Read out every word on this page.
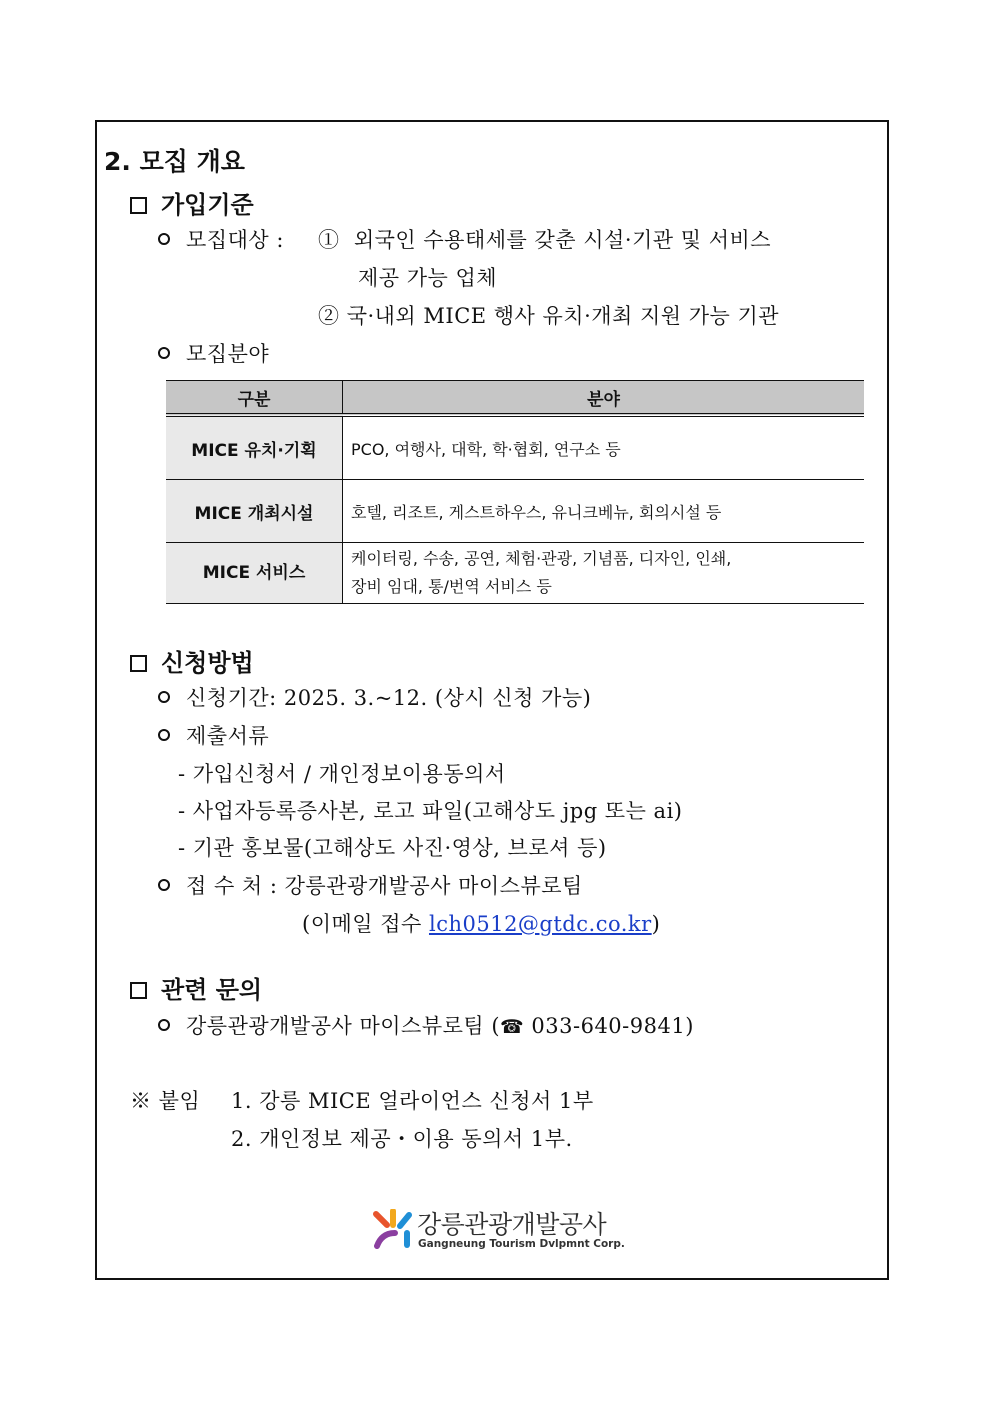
2. 모집 개요
가입기준
모집대상 : ① 외국인 수용태세를 갖춘 시설·기관 및 서비스
제공 가능 업체
② 국·내외 MICE 행사 유치·개최 지원 가능 기관
모집분야
구분	분야
MICE 유치·기획	PCO, 여행사, 대학, 학·협회, 연구소 등
MICE 개최시설	호텔, 리조트, 게스트하우스, 유니크베뉴, 회의시설 등
MICE 서비스	케이터링, 수송, 공연, 체험·관광, 기념품, 디자인, 인쇄,
장비 임대, 통/번역 서비스 등
신청방법
신청기간: 2025. 3.~12. (상시 신청 가능)
제출서류
- 가입신청서 / 개인정보이용동의서
- 사업자등록증사본, 로고 파일(고해상도 jpg 또는 ai)
- 기관 홍보물(고해상도 사진·영상, 브로셔 등)
접 수 처 : 강릉관광개발공사 마이스뷰로팀
(이메일 접수 lch0512@gtdc.co.kr)
관련 문의
강릉관광개발공사 마이스뷰로팀 (☎ 033-640-9841)
※ 붙임 1. 강릉 MICE 얼라이언스 신청서 1부
2. 개인정보 제공・이용 동의서 1부.
강릉관광개발공사
Gangneung Tourism Dvlpmnt Corp.
